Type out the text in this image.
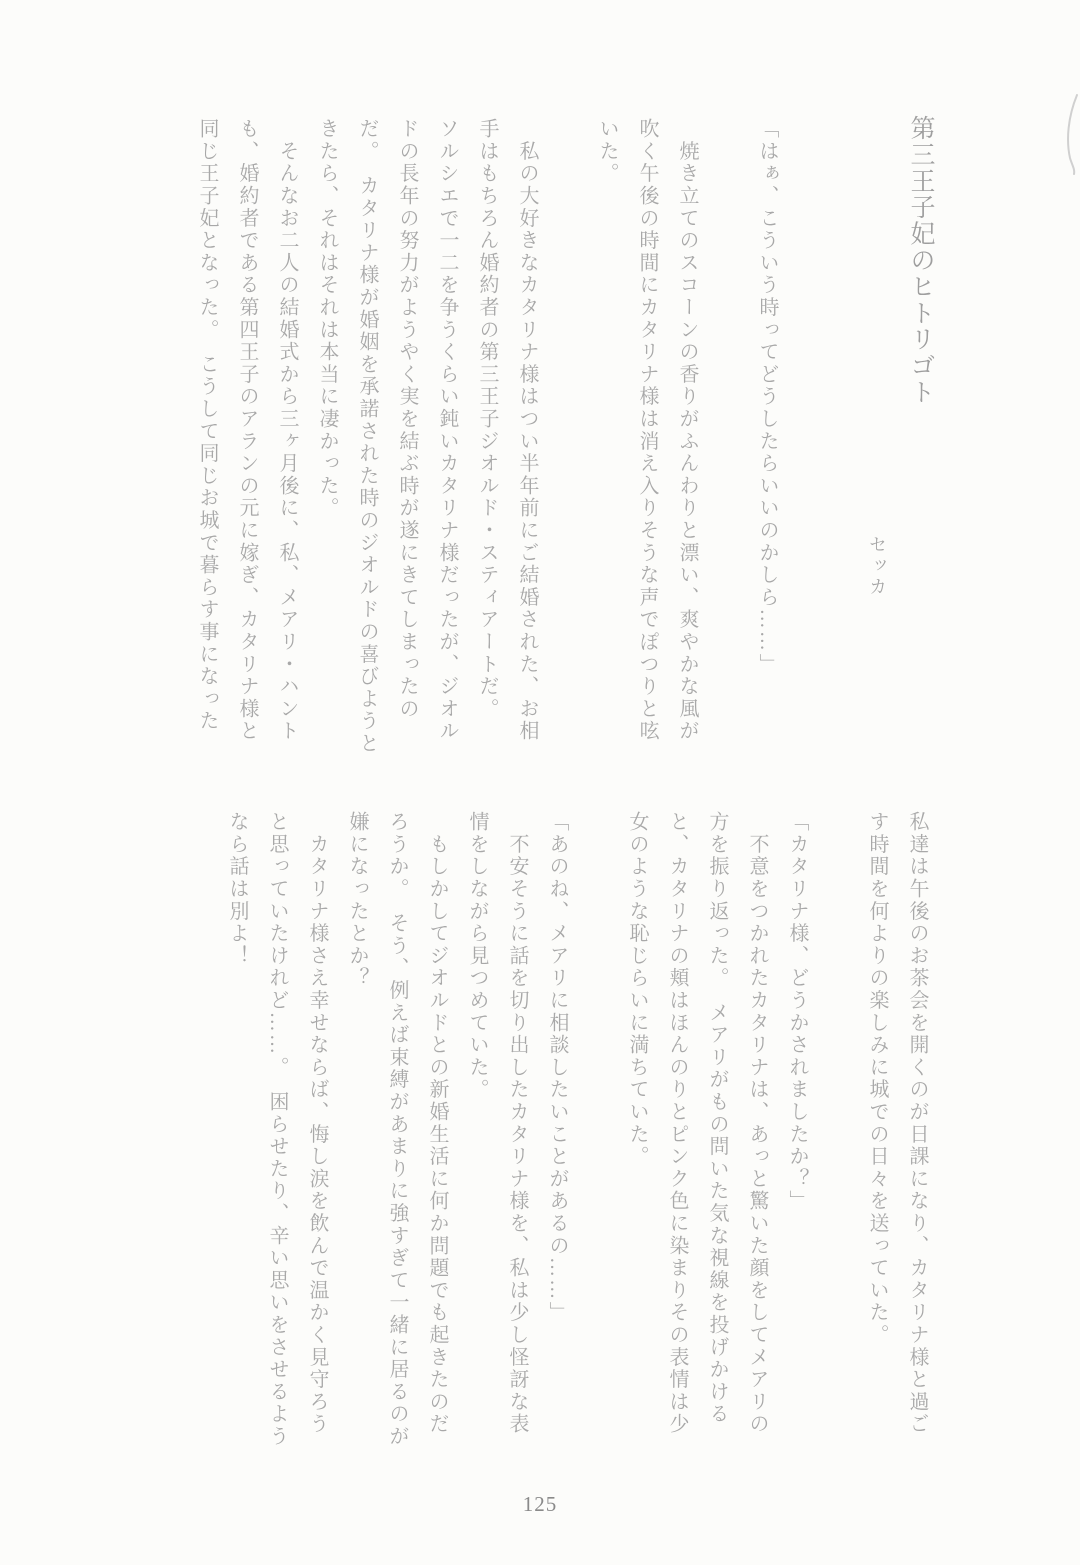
第三王子妃のヒトリゴト
セッカ
「はぁ、こういう時ってどうしたらいいのかしら……」
　焼き立てのスコーンの香りがふんわりと漂い、爽やかな風が
吹く午後の時間にカタリナ様は消え入りそうな声でぽつりと呟
いた。
　私の大好きなカタリナ様はつい半年前にご結婚された、お相
手はもちろん婚約者の第三王子ジオルド・スティアートだ。
ソルシエで一二を争うくらい鈍いカタリナ様だったが、ジオル
ドの長年の努力がようやく実を結ぶ時が遂にきてしまったの
だ。　カタリナ様が婚姻を承諾された時のジオルドの喜びようと
きたら、それはそれは本当に凄かった。
　そんなお二人の結婚式から三ヶ月後に、私、メアリ・ハント
も、婚約者である第四王子のアランの元に嫁ぎ、カタリナ様と
同じ王子妃となった。　こうして同じお城で暮らす事になった
私達は午後のお茶会を開くのが日課になり、カタリナ様と過ご
す時間を何よりの楽しみに城での日々を送っていた。
「カタリナ様、どうかされましたか？」
　不意をつかれたカタリナは、あっと驚いた顔をしてメアリの
方を振り返った。　メアリがもの問いた気な視線を投げかける
と、カタリナの頬はほんのりとピンク色に染まりその表情は少
女のような恥じらいに満ちていた。
「あのね、メアリに相談したいことがあるの……」
　不安そうに話を切り出したカタリナ様を、私は少し怪訝な表
情をしながら見つめていた。
　もしかしてジオルドとの新婚生活に何か問題でも起きたのだ
ろうか。　そう、例えば束縛があまりに強すぎて一緒に居るのが
嫌になったとか？
　カタリナ様さえ幸せならば、悔し涙を飲んで温かく見守ろう
と思っていたけれど……。　困らせたり、辛い思いをさせるよう
なら話は別よ！
125
